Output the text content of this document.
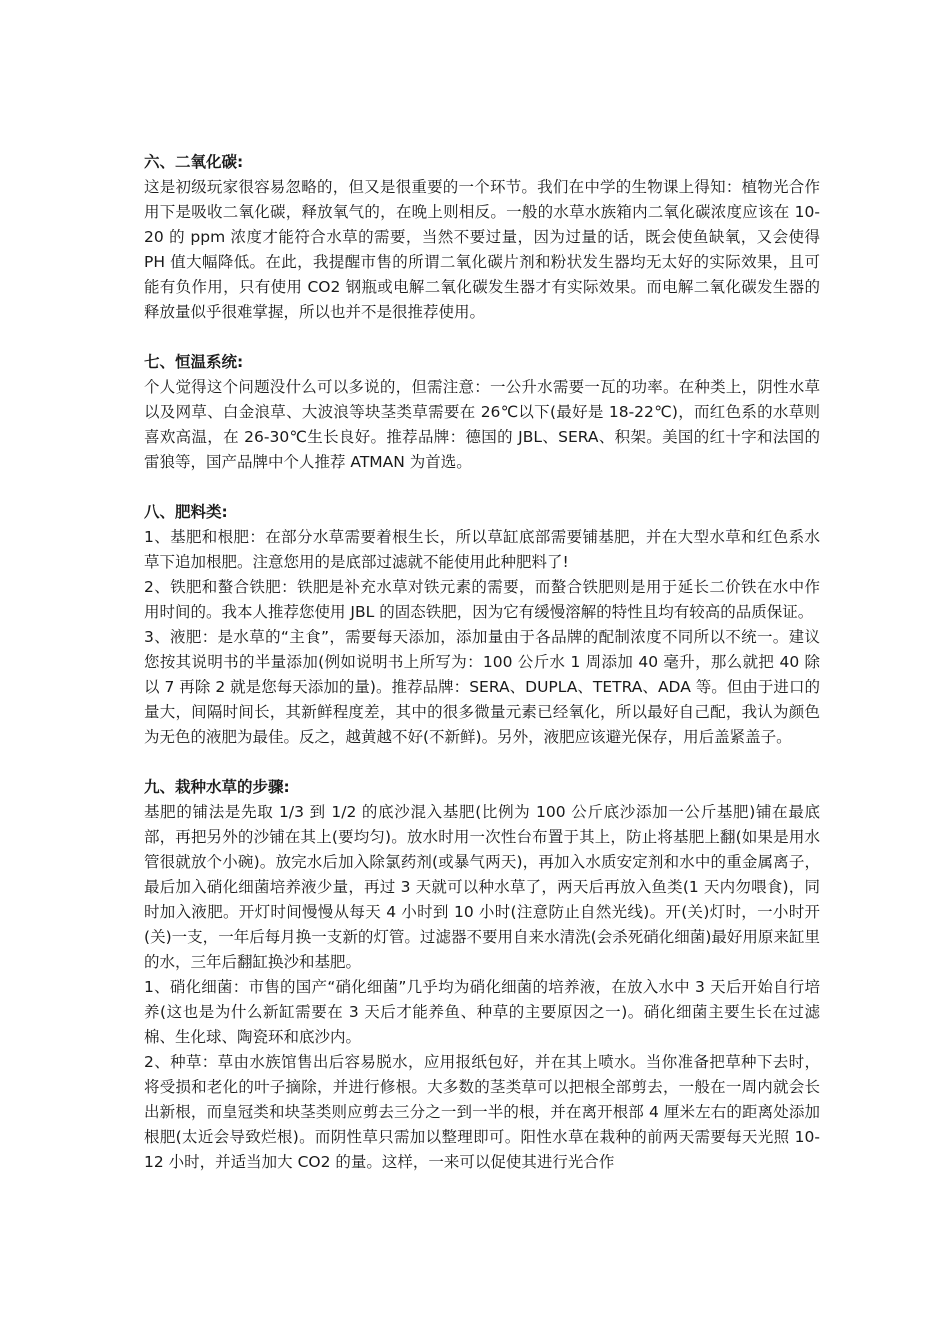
六、二氧化碳:

这是初级玩家很容易忽略的，但又是很重要的一个环节。我们在中学的生物课上得知：植物光合作用下是吸收二氧化碳，释放氧气的，在晚上则相反。一般的水草水族箱内二氧化碳浓度应该在 10-20 的 ppm 浓度才能符合水草的需要，当然不要过量，因为过量的话，既会使鱼缺氧，又会使得 PH 值大幅降低。在此，我提醒市售的所谓二氧化碳片剂和粉状发生器均无太好的实际效果，且可能有负作用，只有使用 CO2 钢瓶或电解二氧化碳发生器才有实际效果。而电解二氧化碳发生器的释放量似乎很难掌握，所以也并不是很推荐使用。

七、恒温系统:

个人觉得这个问题没什么可以多说的，但需注意：一公升水需要一瓦的功率。在种类上，阴性水草以及网草、白金浪草、大波浪等块茎类草需要在 26℃以下(最好是 18-22℃)，而红色系的水草则喜欢高温，在 26-30℃生长良好。推荐品牌：德国的 JBL、SERA、积架。美国的红十字和法国的雷狼等，国产品牌中个人推荐 ATMAN 为首选。

八、肥料类:

1、基肥和根肥：在部分水草需要着根生长，所以草缸底部需要铺基肥，并在大型水草和红色系水草下追加根肥。注意您用的是底部过滤就不能使用此种肥料了!

2、铁肥和螯合铁肥：铁肥是补充水草对铁元素的需要，而螯合铁肥则是用于延长二价铁在水中作用时间的。我本人推荐您使用 JBL 的固态铁肥，因为它有缓慢溶解的特性且均有较高的品质保证。

3、液肥：是水草的“主食”，需要每天添加，添加量由于各品牌的配制浓度不同所以不统一。建议您按其说明书的半量添加(例如说明书上所写为：100 公斤水 1 周添加 40 毫升，那么就把 40 除以 7 再除 2 就是您每天添加的量)。推荐品牌：SERA、DUPLA、TETRA、ADA 等。但由于进口的量大，间隔时间长，其新鲜程度差，其中的很多微量元素已经氧化，所以最好自己配，我认为颜色为无色的液肥为最佳。反之，越黄越不好(不新鲜)。另外，液肥应该避光保存，用后盖紧盖子。

九、栽种水草的步骤:

基肥的铺法是先取 1/3 到 1/2 的底沙混入基肥(比例为 100 公斤底沙添加一公斤基肥)铺在最底部，再把另外的沙铺在其上(要均匀)。放水时用一次性台布置于其上，防止将基肥上翻(如果是用水管很就放个小碗)。放完水后加入除氯药剂(或暴气两天)，再加入水质安定剂和水中的重金属离子，最后加入硝化细菌培养液少量，再过 3 天就可以种水草了，两天后再放入鱼类(1 天内勿喂食)，同时加入液肥。开灯时间慢慢从每天 4 小时到 10 小时(注意防止自然光线)。开(关)灯时，一小时开(关)一支，一年后每月换一支新的灯管。过滤器不要用自来水清洗(会杀死硝化细菌)最好用原来缸里的水，三年后翻缸换沙和基肥。

1、硝化细菌：市售的国产“硝化细菌”几乎均为硝化细菌的培养液，在放入水中 3 天后开始自行培养(这也是为什么新缸需要在 3 天后才能养鱼、种草的主要原因之一)。硝化细菌主要生长在过滤棉、生化球、陶瓷环和底沙内。

2、种草：草由水族馆售出后容易脱水，应用报纸包好，并在其上喷水。当你准备把草种下去时，将受损和老化的叶子摘除，并进行修根。大多数的茎类草可以把根全部剪去，一般在一周内就会长出新根，而皇冠类和块茎类则应剪去三分之一到一半的根，并在离开根部 4 厘米左右的距离处添加根肥(太近会导致烂根)。而阴性草只需加以整理即可。阳性水草在栽种的前两天需要每天光照 10-12 小时，并适当加大 CO2 的量。这样，一来可以促使其进行光合作
